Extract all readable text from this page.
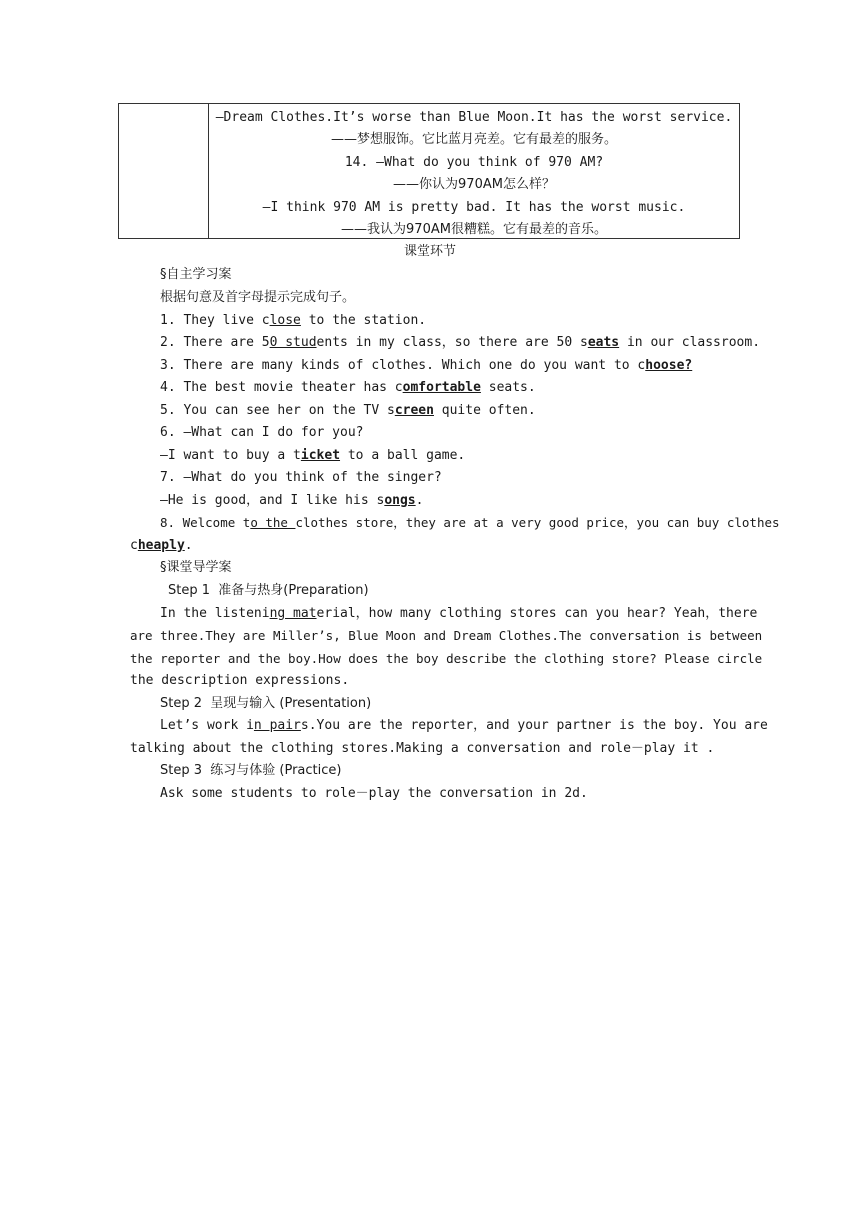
—Dream Clothes.It’s worse than Blue Moon.It has the worst service.
——梦想服饰。它比蓝月亮差。它有最差的服务。
14. —What do you think of 970 AM?
——你认为970AM怎么样？
—I think 970 AM is pretty bad. It has the worst music.
——我认为970AM很糟糕。它有最差的音乐。
课堂环节
§自主学习案
根据句意及首字母提示完成句子。
1. They live close to the station.
2. There are 50 students in my class，so there are 50 seats in our classroom.
3. There are many kinds of clothes. Which one do you want to choose?
4. The best movie theater has comfortable seats.
5. You can see her on the TV screen quite often.
6. —What can I do for you?
—I want to buy a ticket to a ball game.
7. —What do you think of the singer?
—He is good，and I like his songs.
8. Welcome to the clothes store，they are at a very good price，you can buy clothes
cheaply.
§课堂导学案
Step 1  准备与热身(Preparation)
In the listening material，how many clothing stores can you hear? Yeah，there
are three.They are Miller’s, Blue Moon and Dream Clothes.The conversation is between
the reporter and the boy.How does the boy describe the clothing store? Please circle
the description expressions.
Step 2  呈现与输入 (Presentation)
Let’s work in pairs.You are the reporter，and your partner is the boy. You are
talking about the clothing stores.Making a conversation and role－play it .
Step 3  练习与体验 (Practice)
Ask some students to role－play the conversation in 2d.
